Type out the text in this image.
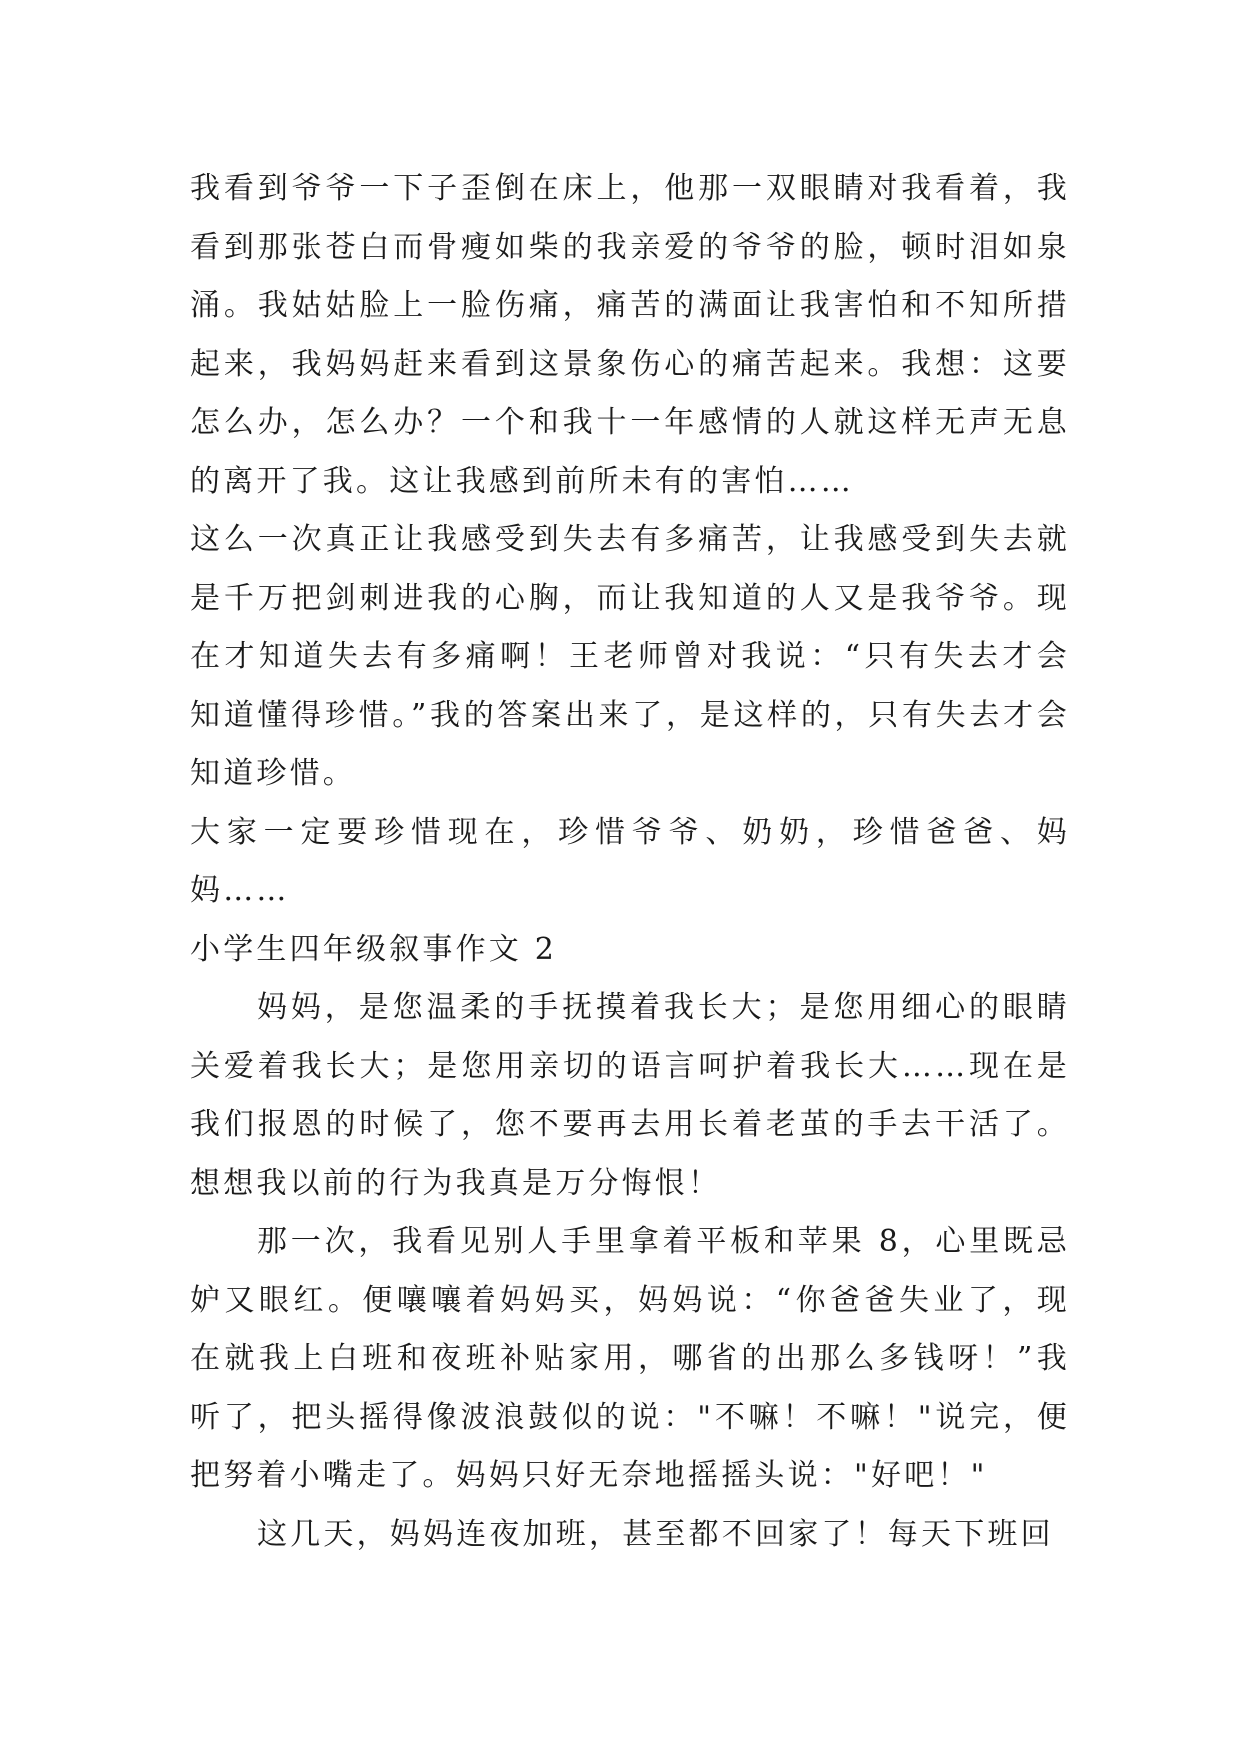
我看到爷爷一下子歪倒在床上，他那一双眼睛对我看着，我看到那张苍白而骨瘦如柴的我亲爱的爷爷的脸，顿时泪如泉涌。我姑姑脸上一脸伤痛，痛苦的满面让我害怕和不知所措起来，我妈妈赶来看到这景象伤心的痛苦起来。我想：这要怎么办，怎么办？一个和我十一年感情的人就这样无声无息的离开了我。这让我感到前所未有的害怕……

这么一次真正让我感受到失去有多痛苦，让我感受到失去就是千万把剑刺进我的心胸，而让我知道的人又是我爷爷。现在才知道失去有多痛啊！王老师曾对我说：“只有失去才会知道懂得珍惜。”我的答案出来了，是这样的，只有失去才会知道珍惜。

大家一定要珍惜现在，珍惜爷爷、奶奶，珍惜爸爸、妈妈……

小学生四年级叙事作文 2

妈妈，是您温柔的手抚摸着我长大；是您用细心的眼睛关爱着我长大；是您用亲切的语言呵护着我长大……现在是我们报恩的时候了，您不要再去用长着老茧的手去干活了。想想我以前的行为我真是万分悔恨！

那一次，我看见别人手里拿着平板和苹果 8，心里既忌妒又眼红。便嚷嚷着妈妈买，妈妈说：“你爸爸失业了，现在就我上白班和夜班补贴家用，哪省的出那么多钱呀！”我听了，把头摇得像波浪鼓似的说："不嘛！不嘛！"说完，便把努着小嘴走了。妈妈只好无奈地摇摇头说："好吧！"

这几天，妈妈连夜加班，甚至都不回家了！每天下班回
